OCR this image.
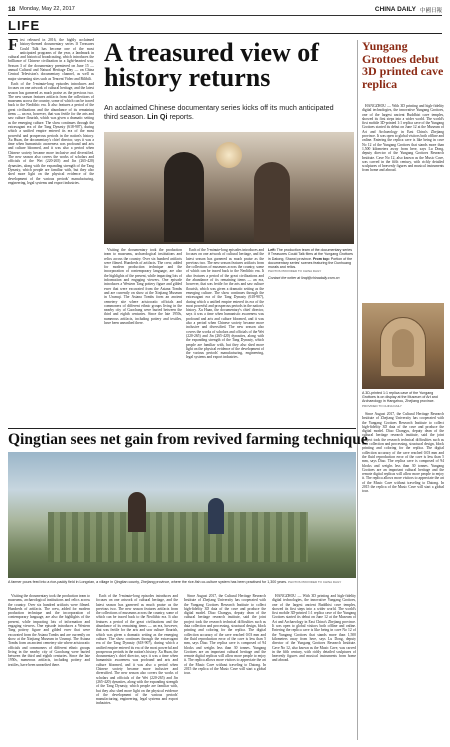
18 Monday, May 22, 2017	CHINA DAILY 中國日報
LIFE
F irst released in 2016, the highly acclaimed history-themed documentary series If Treasures Could Talk has become one of the most anticipated programs of the year, a landmark in cultural and historical broadcasting, which introduces the brilliance of Chinese civilization in a light-hearted way. Season 3 of the documentary premiered on June 15 — annual Cultural and Natural Heritage Day — on China Central Television's documentary channel, as well as major streaming sites such as Tencent Video and Bilibili.

Each of the 5-minute-long episodes introduces and focuses on one artwork of cultural heritage, and the latest season has garnered as much praise as the previous two. The new season features artifacts from the collections of museums across the country, some of which can be traced back to the Neolithic era. It also features a period of the great civilizations and the abundance of its remaining items — an era, however, that was fertile for the arts and saw culture flourish, which was given a dramatic setting as the emerging culture. The show continues through the extravagant era of the Tang Dynasty (618-907), during which a unified empire entered its era of the most powerful and prosperous periods in the nation's history. Xu Huan, the documentary's chief director, says it was a time when humanistic awareness was profound and arts and culture bloomed, and it was also a period when Chinese society became more inclusive and diversified. The new season also covers the works of scholars and officials of the Wei (220-265) and Jin (265-420) dynasties, along with the expanding strength of the Tang Dynasty, which people are familiar with, but they also shed more light on the physical evidence of the development of the various periods' manufacturing, engineering, legal systems and export industries.

A treasured view of history returns
An acclaimed Chinese documentary series kicks off its much anticipated third season. Lin Qi reports.

Visiting the documentary took the production team to museums, archaeological institutions and relics across the country. Over six hundred artifacts were filmed. Hundreds of artifacts. The crew, added for modern production technique and the incorporation of contemporary language, are also the highlights of the present, while impacting lots of information and engaging viewers. One episode introduces a Western Tang pottery figure and gilded ewer that were excavated from the Astana Tombs and are currently on show at the Xinjiang Museum in Urumqi. The Astana Tombs form an ancient cemetery site where aristocratic officials and commoners of different ethnic groups living in the nearby city of Gaochang were buried between the third and eighth centuries. Since the late 1950s, numerous artifacts, including pottery and textiles, have been unearthed there.

Each of the 5-minute-long episodes introduces and focuses on one artwork of cultural heritage, and the latest season has garnered as much praise as the previous two. The new season features artifacts from the collections of museums across the country, some of which can be traced back to the Neolithic era. It also features a period of the great civilizations and the abundance of its remaining items — an era, however, that was fertile for the arts and saw culture flourish, which was given a dramatic setting as the emerging culture. The show continues through the extravagant era of the Tang Dynasty (618-907), during which a unified empire entered its era of the most powerful and prosperous periods in the nation's history. Xu Huan, the documentary's chief director, says it was a time when humanistic awareness was profound and arts and culture bloomed, and it was also a period when Chinese society became more inclusive and diversified. The new season also covers the works of scholars and officials of the Wei (220-265) and Jin (265-420) dynasties, along with the expanding strength of the Tang Dynasty, which people are familiar with, but they also shed more light on the physical evidence of the development of the various periods' manufacturing, engineering, legal systems and export industries.

Left: The production team of the documentary series If Treasures Could Talk films at the Yungang Grottoes in Datong, Shanxi province. From top: Portion of the documentary series' scenes featuring the Dunhuang murals and relics.
PHOTOS PROVIDED TO CHINA DAILY
Contact the writer at linqi@chinadaily.com.cn
Yungang Grottoes debut 3D printed cave replica

HANGZHOU — With 3D printing and high-fidelity digital technologies, the innovative Yungang Grottoes, one of the largest ancient Buddhist cave temples, showed its first steps into a wider world. The world's first mobile 3D-printed 1:1 replica cave of the Yungang Grottoes started its debut on June 12 at the Museum of Art and Archaeology in East China's Zhejiang province. It was open to global visitors both offline and online. Entering the replica cave is like being in cave No 12 of the Yungang Grottoes that stands more than 1,500 kilometers away from here, says Lu Dong, deputy director of the Yungang Grottoes Research Institute. Cave No 12, also known as the Music Cave, was carved in the fifth century, with richly detailed sculptures of heavenly figures and musical instruments from home and abroad.

A 3D-printed 1:1 replica cave of the Yungang Grottoes is on display at the Museum of Art and Archaeology in Hangzhou, Zhejiang province.
PROVIDED TO CHINA DAILY

Since August 2017, the Cultural Heritage Research Institute of Zhejiang University has cooperated with the Yungang Grottoes Research Institute to collect high-fidelity 3D data of the cave and produce the digital model. Diao Changyu, deputy dean of the cultural heritage research institute, said the joint project took the research technical difficulties such as data collection and processing, structural design, block printing and coloring for the replica. The digital collection accuracy of the cave reached 0.03 mm and the fluid reproduction error of the cave is less than 5 mm, says Diao. The replica cave is composed of 94 blocks and weighs less than 30 tonnes. Yungang Grottoes are an important cultural heritage and the remote digital replicas will allow more people to enjoy it. The replica allows more visitors to appreciate the art of the Music Cave without traveling to Datong. In 2015 the replica of the Music Cave will start a global tour.

Qingtian sees net gain from revived farming technique
A farmer pours feed into a rice-paddy field in Longxian, a village in Qingtian county, Zhejiang province, where the rice-fish co-culture system has been practised for 1,300 years. PHOTOS PROVIDED TO CHINA DAILY

Visiting the documentary took the production team to museums, archaeological institutions and relics across the country. Over six hundred artifacts were filmed. Hundreds of artifacts. The crew, added for modern production technique and the incorporation of contemporary language, are also the highlights of the present, while impacting lots of information and engaging viewers. One episode introduces a Western Tang pottery figure and gilded ewer that were excavated from the Astana Tombs and are currently on show at the Xinjiang Museum in Urumqi. The Astana Tombs form an ancient cemetery site where aristocratic officials and commoners of different ethnic groups living in the nearby city of Gaochang were buried between the third and eighth centuries. Since the late 1950s, numerous artifacts, including pottery and textiles, have been unearthed there.

Each of the 5-minute-long episodes introduces and focuses on one artwork of cultural heritage, and the latest season has garnered as much praise as the previous two. The new season features artifacts from the collections of museums across the country, some of which can be traced back to the Neolithic era. It also features a period of the great civilizations and the abundance of its remaining items — an era, however, that was fertile for the arts and saw culture flourish, which was given a dramatic setting as the emerging culture. The show continues through the extravagant era of the Tang Dynasty (618-907), during which a unified empire entered its era of the most powerful and prosperous periods in the nation's history. Xu Huan, the documentary's chief director, says it was a time when humanistic awareness was profound and arts and culture bloomed, and it was also a period when Chinese society became more inclusive and diversified. The new season also covers the works of scholars and officials of the Wei (220-265) and Jin (265-420) dynasties, along with the expanding strength of the Tang Dynasty, which people are familiar with, but they also shed more light on the physical evidence of the development of the various periods' manufacturing, engineering, legal systems and export industries.

Since August 2017, the Cultural Heritage Research Institute of Zhejiang University has cooperated with the Yungang Grottoes Research Institute to collect high-fidelity 3D data of the cave and produce the digital model. Diao Changyu, deputy dean of the cultural heritage research institute, said the joint project took the research technical difficulties such as data collection and processing, structural design, block printing and coloring for the replica. The digital collection accuracy of the cave reached 0.03 mm and the fluid reproduction error of the cave is less than 5 mm, says Diao. The replica cave is composed of 94 blocks and weighs less than 30 tonnes. Yungang Grottoes are an important cultural heritage and the remote digital replicas will allow more people to enjoy it. The replica allows more visitors to appreciate the art of the Music Cave without traveling to Datong. In 2015 the replica of the Music Cave will start a global tour.

HANGZHOU — With 3D printing and high-fidelity digital technologies, the innovative Yungang Grottoes, one of the largest ancient Buddhist cave temples, showed its first steps into a wider world. The world's first mobile 3D-printed 1:1 replica cave of the Yungang Grottoes started its debut on June 12 at the Museum of Art and Archaeology in East China's Zhejiang province. It was open to global visitors both offline and online. Entering the replica cave is like being in cave No 12 of the Yungang Grottoes that stands more than 1,500 kilometers away from here, says Lu Dong, deputy director of the Yungang Grottoes Research Institute. Cave No 12, also known as the Music Cave, was carved in the fifth century, with richly detailed sculptures of heavenly figures and musical instruments from home and abroad.
